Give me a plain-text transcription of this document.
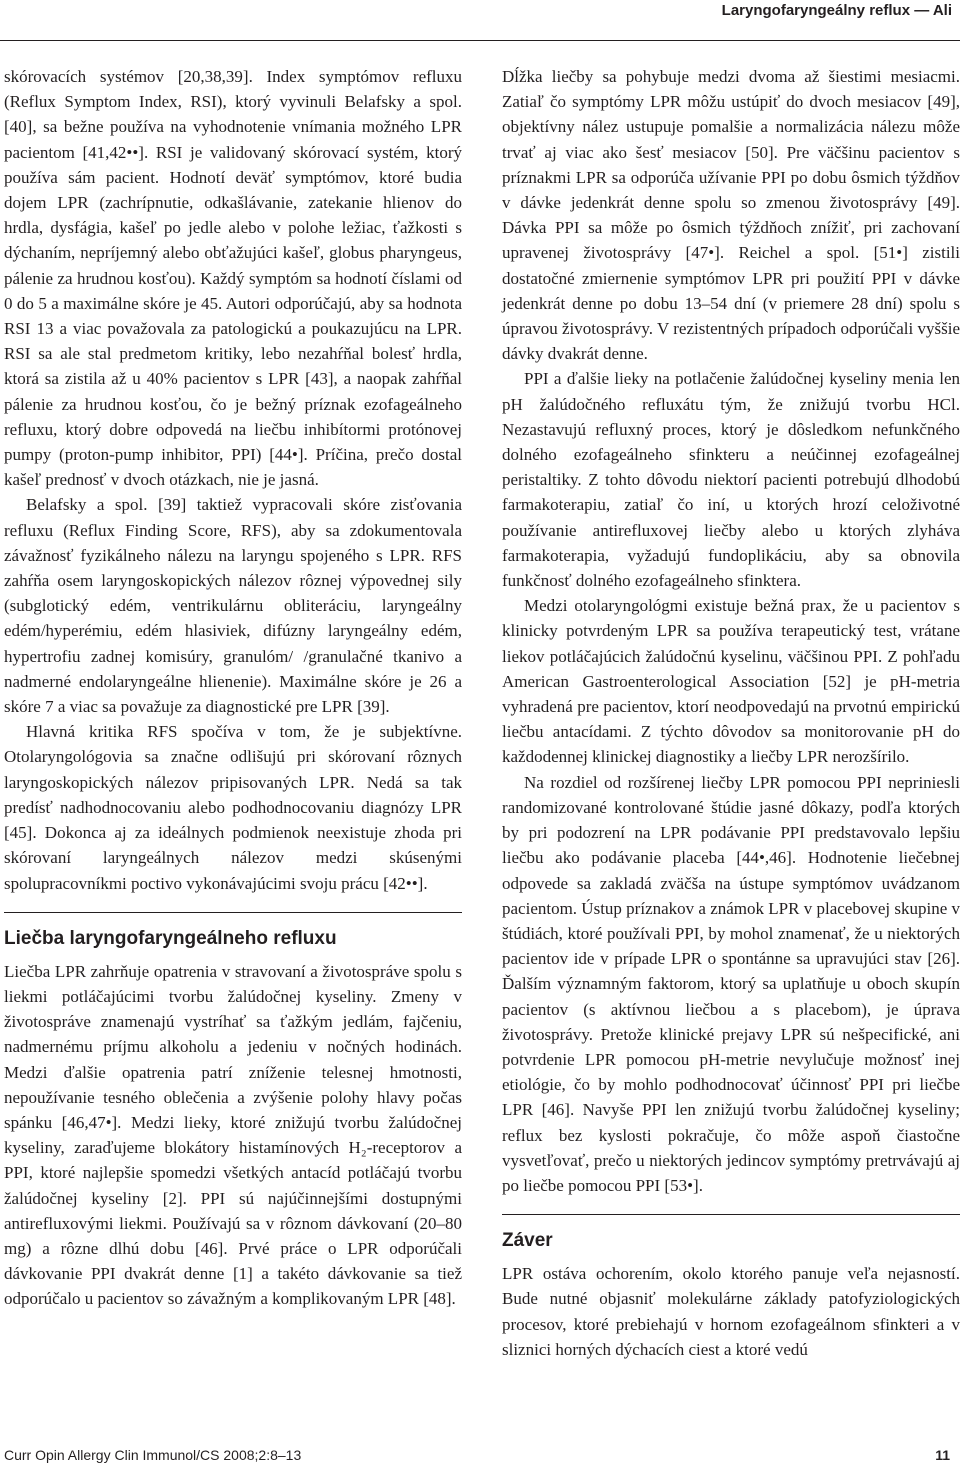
Laryngofaryngeálny reflux — Ali

skórovacích systémov [20,38,39]. Index symptómov refluxu (Reflux Symptom Index, RSI), ktorý vyvinuli Belafsky a spol. [40], sa bežne používa na vyhodnotenie vnímania možného LPR pacientom [41,42••]. RSI je validovaný skórovací systém, ktorý používa sám pacient. Hodnotí deväť symptómov, ktoré budia dojem LPR (zachrípnutie, odkašlávanie, zatekanie hlienov do hrdla, dysfágia, kašeľ po jedle alebo v polohe ležiac, ťažkosti s dýchaním, nepríjemný alebo obťažujúci kašeľ, globus pharyngeus, pálenie za hrudnou kosťou). Každý symptóm sa hodnotí číslami od 0 do 5 a maximálne skóre je 45. Autori odporúčajú, aby sa hodnota RSI 13 a viac považovala za patologickú a poukazujúcu na LPR. RSI sa ale stal predmetom kritiky, lebo nezahŕňal bolesť hrdla, ktorá sa zistila až u 40% pacientov s LPR [43], a naopak zahŕňal pálenie za hrudnou kosťou, čo je bežný príznak ezofageálneho refluxu, ktorý dobre odpovedá na liečbu inhibítormi protónovej pumpy (proton-pump inhibitor, PPI) [44•]. Príčina, prečo dostal kašeľ prednosť v dvoch otázkach, nie je jasná.

Belafsky a spol. [39] taktiež vypracovali skóre zisťovania refluxu (Reflux Finding Score, RFS), aby sa zdokumentovala závažnosť fyzikálneho nálezu na laryngu spojeného s LPR. RFS zahŕňa osem laryngoskopických nálezov rôznej výpovednej sily (subglotický edém, ventrikulárnu obliteráciu, laryngeálny edém/hyperémiu, edém hlasiviek, difúzny laryngeálny edém, hypertrofiu zadnej komisúry, granulóm/ /granulačné tkanivo a nadmerné endolaryngeálne hlienenie). Maximálne skóre je 26 a skóre 7 a viac sa považuje za diagnostické pre LPR [39].

Hlavná kritika RFS spočíva v tom, že je subjektívne. Otolaryngológovia sa značne odlišujú pri skórovaní rôznych laryngoskopických nálezov pripisovaných LPR. Nedá sa tak predísť nadhodnocovaniu alebo podhodnocovaniu diagnózy LPR [45]. Dokonca aj za ideálnych podmienok neexistuje zhoda pri skórovaní laryngeálnych nálezov medzi skúsenými spolupracovníkmi poctivo vykonávajúcimi svoju prácu [42••].

Liečba laryngofaryngeálneho refluxu

Liečba LPR zahrňuje opatrenia v stravovaní a životospráve spolu s liekmi potláčajúcimi tvorbu žalúdočnej kyseliny. Zmeny v životospráve znamenajú vystríhať sa ťažkým jedlám, fajčeniu, nadmernému príjmu alkoholu a jedeniu v nočných hodinách. Medzi ďalšie opatrenia patrí zníženie telesnej hmotnosti, nepoužívanie tesného oblečenia a zvýšenie polohy hlavy počas spánku [46,47•]. Medzi lieky, ktoré znižujú tvorbu žalúdočnej kyseliny, zaraďujeme blokátory histamínových H₂-receptorov a PPI, ktoré najlepšie spomedzi všetkých antacíd potláčajú tvorbu žalúdočnej kyseliny [2]. PPI sú najúčinnejšími dostupnými antirefluxovými liekmi. Používajú sa v rôznom dávkovaní (20–80 mg) a rôzne dlhú dobu [46]. Prvé práce o LPR odporúčali dávkovanie PPI dvakrát denne [1] a takéto dávkovanie sa tiež odporúčalo u pacientov so závažným a komplikovaným LPR [48].

Dĺžka liečby sa pohybuje medzi dvoma až šiestimi mesiacmi. Zatiaľ čo symptómy LPR môžu ustúpiť do dvoch mesiacov [49], objektívny nález ustupuje pomalšie a normalizácia nálezu môže trvať aj viac ako šesť mesiacov [50]. Pre väčšinu pacientov s príznakmi LPR sa odporúča užívanie PPI po dobu ôsmich týždňov v dávke jedenkrát denne spolu so zmenou životosprávy [49]. Dávka PPI sa môže po ôsmich týždňoch znížiť, pri zachovaní upravenej životosprávy [47•]. Reichel a spol. [51•] zistili dostatočné zmiernenie symptómov LPR pri použití PPI v dávke jedenkrát denne po dobu 13–54 dní (v priemere 28 dní) spolu s úpravou životosprávy. V rezistentných prípadoch odporúčali vyššie dávky dvakrát denne.

PPI a ďalšie lieky na potlačenie žalúdočnej kyseliny menia len pH žalúdočného refluxátu tým, že znižujú tvorbu HCl. Nezastavujú refluxný proces, ktorý je dôsledkom nefunkčného dolného ezofageálneho sfinkteru a neúčinnej ezofageálnej peristaltiky. Z tohto dôvodu niektorí pacienti potrebujú dlhodobú farmakoterapiu, zatiaľ čo iní, u ktorých hrozí celoživotné používanie antirefluxovej liečby alebo u ktorých zlyháva farmakoterapia, vyžadujú fundoplikáciu, aby sa obnovila funkčnosť dolného ezofageálneho sfinktera.

Medzi otolaryngológmi existuje bežná prax, že u pacientov s klinicky potvrdeným LPR sa používa terapeutický test, vrátane liekov potláčajúcich žalúdočnú kyselinu, väčšinou PPI. Z pohľadu American Gastroenterological Association [52] je pH-metria vyhradená pre pacientov, ktorí neodpovedajú na prvotnú empirickú liečbu antacídami. Z týchto dôvodov sa monitorovanie pH do každodennej klinickej diagnostiky a liečby LPR nerozšírilo.

Na rozdiel od rozšírenej liečby LPR pomocou PPI nepriniesli randomizované kontrolované štúdie jasné dôkazy, podľa ktorých by pri podozrení na LPR podávanie PPI predstavovalo lepšiu liečbu ako podávanie placeba [44•,46]. Hodnotenie liečebnej odpovede sa zakladá zväčša na ústupe symptómov uvádzanom pacientom. Ústup príznakov a známok LPR v placebovej skupine v štúdiách, ktoré používali PPI, by mohol znamenať, že u niektorých pacientov ide v prípade LPR o spontánne sa upravujúci stav [26]. Ďalším významným faktorom, ktorý sa uplatňuje u oboch skupín pacientov (s aktívnou liečbou a s placebom), je úprava životosprávy. Pretože klinické prejavy LPR sú nešpecifické, ani potvrdenie LPR pomocou pH-metrie nevylučuje možnosť inej etiológie, čo by mohlo podhodnocovať účinnosť PPI pri liečbe LPR [46]. Navyše PPI len znižujú tvorbu žalúdočnej kyseliny; reflux bez kyslosti pokračuje, čo môže aspoň čiastočne vysvetľovať, prečo u niektorých jedincov symptómy pretrvávajú aj po liečbe pomocou PPI [53•].

Záver

LPR ostáva ochorením, okolo ktorého panuje veľa nejasností. Bude nutné objasniť molekulárne základy patofyziologických procesov, ktoré prebiehajú v hornom ezofageálnom sfinkteri a v sliznici horných dýchacích ciest a ktoré vedú

Curr Opin Allergy Clin Immunol/CS 2008;2:8–13	11
